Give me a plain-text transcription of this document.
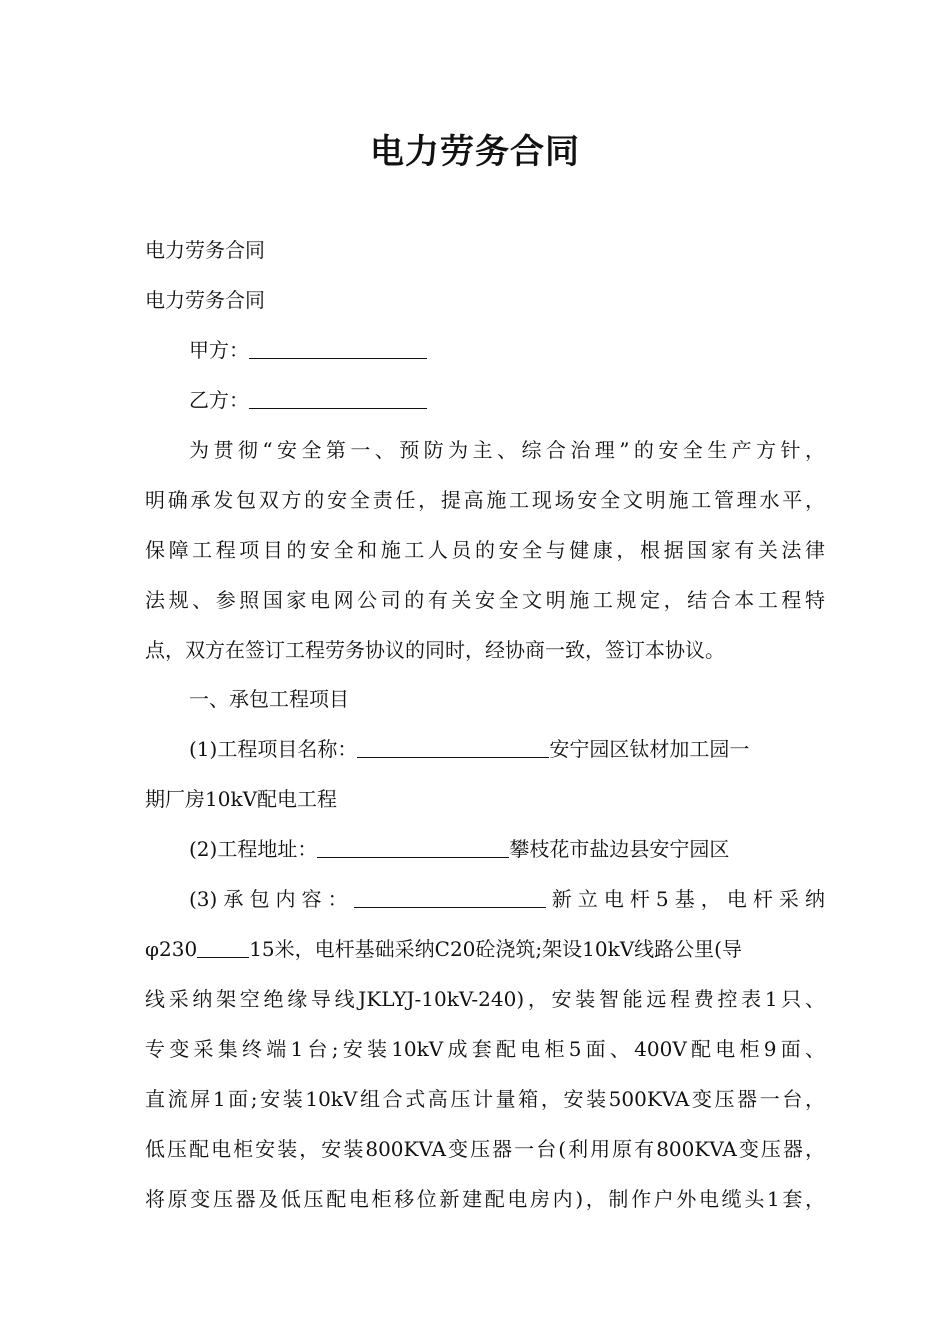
电力劳务合同

电力劳务合同

电力劳务合同

甲方：

乙方：

为贯彻“安全第一、预防为主、综合治理”的安全生产方针，

明确承发包双方的安全责任，提高施工现场安全文明施工管理水平，

保障工程项目的安全和施工人员的安全与健康，根据国家有关法律

法规、参照国家电网公司的有关安全文明施工规定，结合本工程特

点，双方在签订工程劳务协议的同时，经协商一致，签订本协议。

一、承包工程项目

(1)工程项目名称：	安宁园区钛材加工园一

期厂房10kV配电工程

(2)工程地址：	攀枝花市盐边县安宁园区

(3)承包内容：	新立电杆5基，电杆采纳

φ230	15米，电杆基础采纳C20砼浇筑;架设10kV线路公里(导

线采纳架空绝缘导线JKLYJ-10kV-240)，安装智能远程费控表1只、

专变采集终端1台;安装10kV成套配电柜5面、400V配电柜9面、

直流屏1面;安装10kV组合式高压计量箱，安装500KVA变压器一台，

低压配电柜安装，安装800KVA变压器一台(利用原有800KVA变压器，

将原变压器及低压配电柜移位新建配电房内)，制作户外电缆头1套，
